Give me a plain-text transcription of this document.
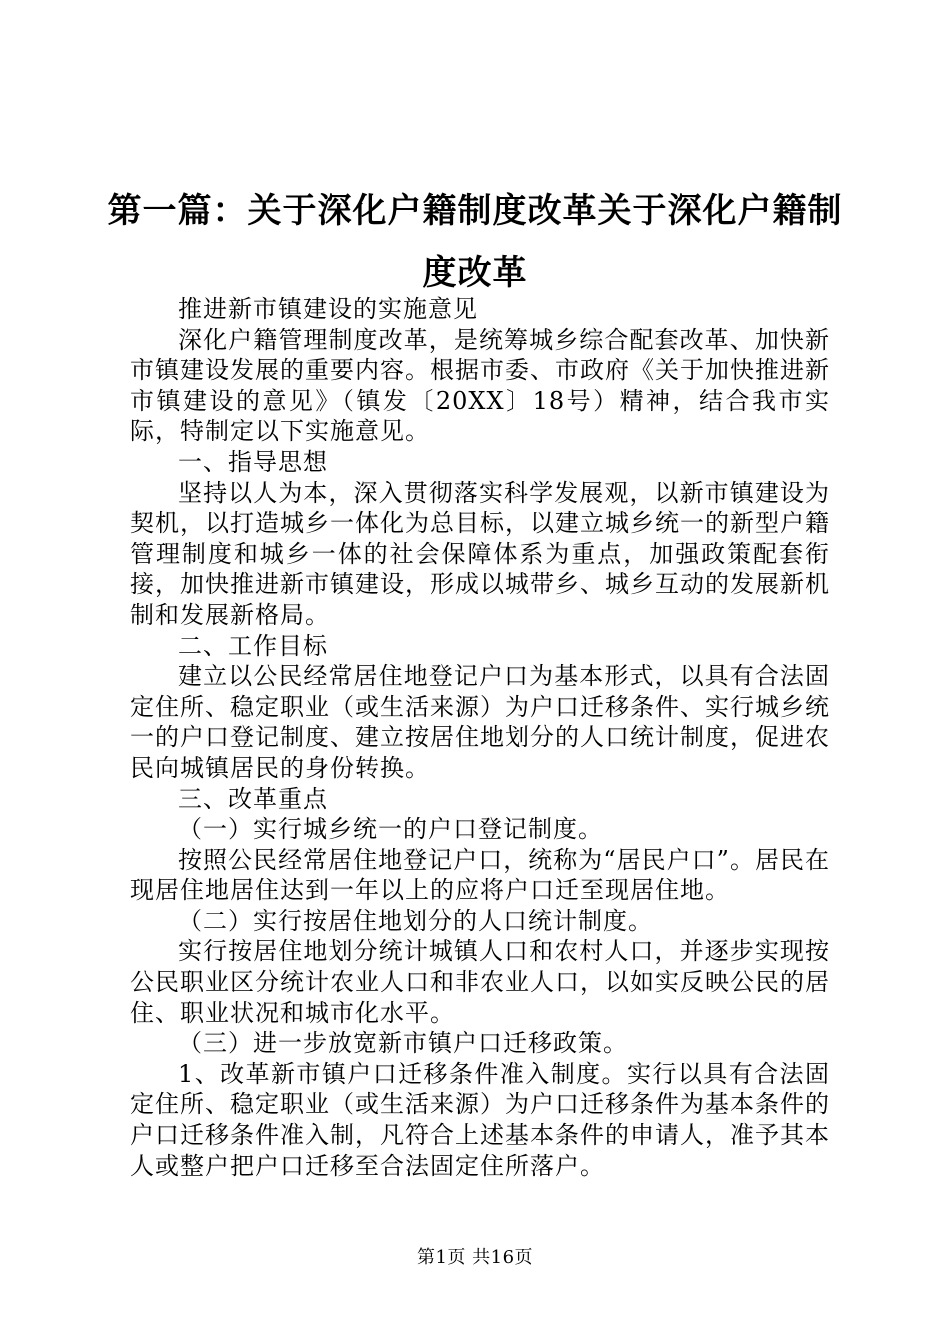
第一篇：关于深化户籍制度改革关于深化户籍制度改革

推进新市镇建设的实施意见

深化户籍管理制度改革，是统筹城乡综合配套改革、加快新市镇建设发展的重要内容。根据市委、市政府《关于加快推进新市镇建设的意见》（镇发〔20XX〕18号）精神，结合我市实际，特制定以下实施意见。

一、指导思想

坚持以人为本，深入贯彻落实科学发展观，以新市镇建设为契机，以打造城乡一体化为总目标，以建立城乡统一的新型户籍管理制度和城乡一体的社会保障体系为重点，加强政策配套衔接，加快推进新市镇建设，形成以城带乡、城乡互动的发展新机制和发展新格局。

二、工作目标

建立以公民经常居住地登记户口为基本形式，以具有合法固定住所、稳定职业（或生活来源）为户口迁移条件、实行城乡统一的户口登记制度、建立按居住地划分的人口统计制度，促进农民向城镇居民的身份转换。

三、改革重点

（一）实行城乡统一的户口登记制度。

按照公民经常居住地登记户口，统称为“居民户口”。居民在现居住地居住达到一年以上的应将户口迁至现居住地。

（二）实行按居住地划分的人口统计制度。

实行按居住地划分统计城镇人口和农村人口，并逐步实现按公民职业区分统计农业人口和非农业人口，以如实反映公民的居住、职业状况和城市化水平。

（三）进一步放宽新市镇户口迁移政策。

1、改革新市镇户口迁移条件准入制度。实行以具有合法固定住所、稳定职业（或生活来源）为户口迁移条件为基本条件的户口迁移条件准入制，凡符合上述基本条件的申请人，准予其本人或整户把户口迁移至合法固定住所落户。

第1页 共16页
